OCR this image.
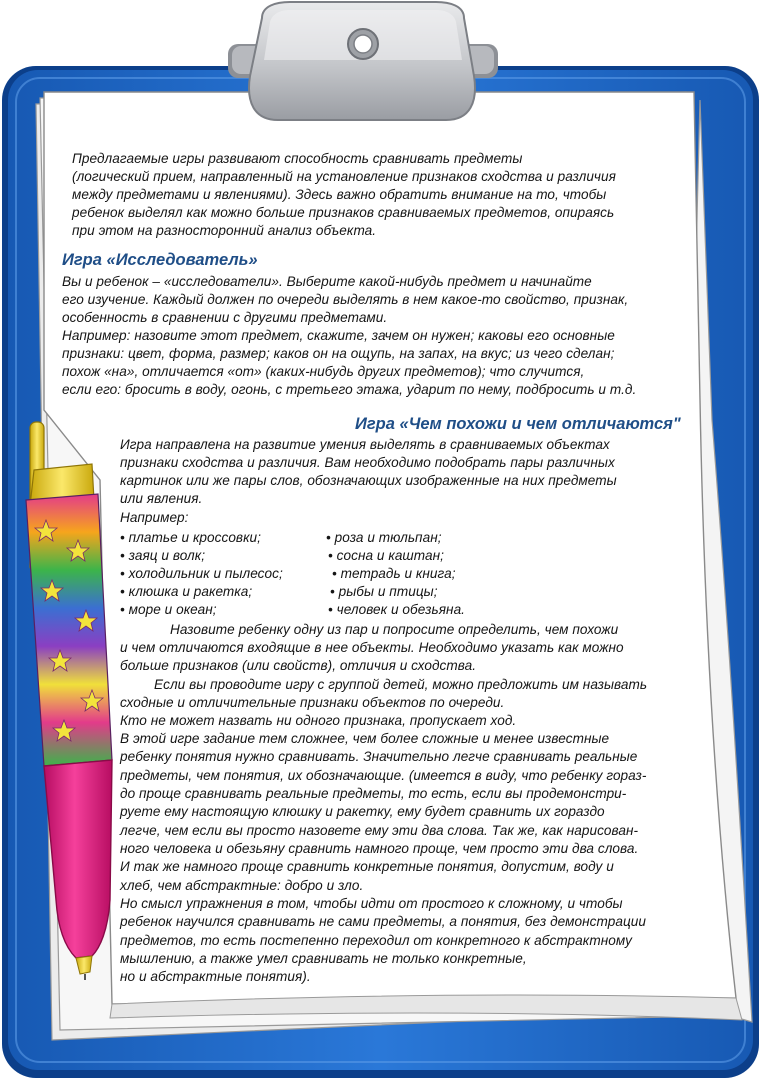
Предлагаемые игры развивают способность сравнивать предметы
(логический прием, направленный на установление признаков сходства и различия
между предметами и явлениями). Здесь важно обратить внимание на то, чтобы
ребенок выделял как можно больше признаков сравниваемых предметов, опираясь
при этом на разносторонний анализ объекта.
Игра «Исследователь»
Вы и ребенок – «исследователи». Выберите какой-нибудь предмет и начинайте
его изучение. Каждый должен по очереди выделять в нем какое-то свойство, признак,
особенность в сравнении с другими предметами.
Например: назовите этот предмет, скажите, зачем он нужен; каковы его основные
признаки: цвет, форма, размер; каков он на ощупь, на запах, на вкус; из чего сделан;
похож «на», отличается «от» (каких-нибудь других предметов); что случится,
если его: бросить в воду, огонь, с третьего этажа, ударит по нему, подбросить и т.д.
Игра «Чем похожи и чем отличаются"
Игра направлена на развитие умения выделять в сравниваемых объектах
признаки сходства и различия. Вам необходимо подобрать пары различных
картинок или же пары слов, обозначающих изображенные на них предметы
или явления.
Например:
• платье и кроссовки;	• роза и тюльпан;
• заяц и волк;	• сосна и каштан;
• холодильник и пылесос;	• тетрадь и книга;
• клюшка и ракетка;	• рыбы и птицы;
• море и океан;	• человек и обезьяна.
Назовите ребенку одну из пар и попросите определить, чем похожи
и чем отличаются входящие в нее объекты. Необходимо указать как можно
больше признаков (или свойств), отличия и сходства.
Если вы проводите игру с группой детей, можно предложить им называть
сходные и отличительные признаки объектов по очереди.
Кто не может назвать ни одного признака, пропускает ход.
В этой игре задание тем сложнее, чем более сложные и менее известные
ребенку понятия нужно сравнивать. Значительно легче сравнивать реальные
предметы, чем понятия, их обозначающие. (имеется в виду, что ребенку гораз-
до проще сравнивать реальные предметы, то есть, если вы продемонстри-
руете ему настоящую клюшку и ракетку, ему будет сравнить их гораздо
легче, чем если вы просто назовете ему эти два слова. Так же, как нарисован-
ного человека и обезьяну сравнить намного проще, чем просто эти два слова.
И так же намного проще сравнить конкретные понятия, допустим, воду и
хлеб, чем абстрактные: добро и зло.
Но смысл упражнения в том, чтобы идти от простого к сложному, и чтобы
ребенок научился сравнивать не сами предметы, а понятия, без демонстрации
предметов, то есть постепенно переходил от конкретного к абстрактному
мышлению, а также умел сравнивать не только конкретные,
но и абстрактные понятия).
